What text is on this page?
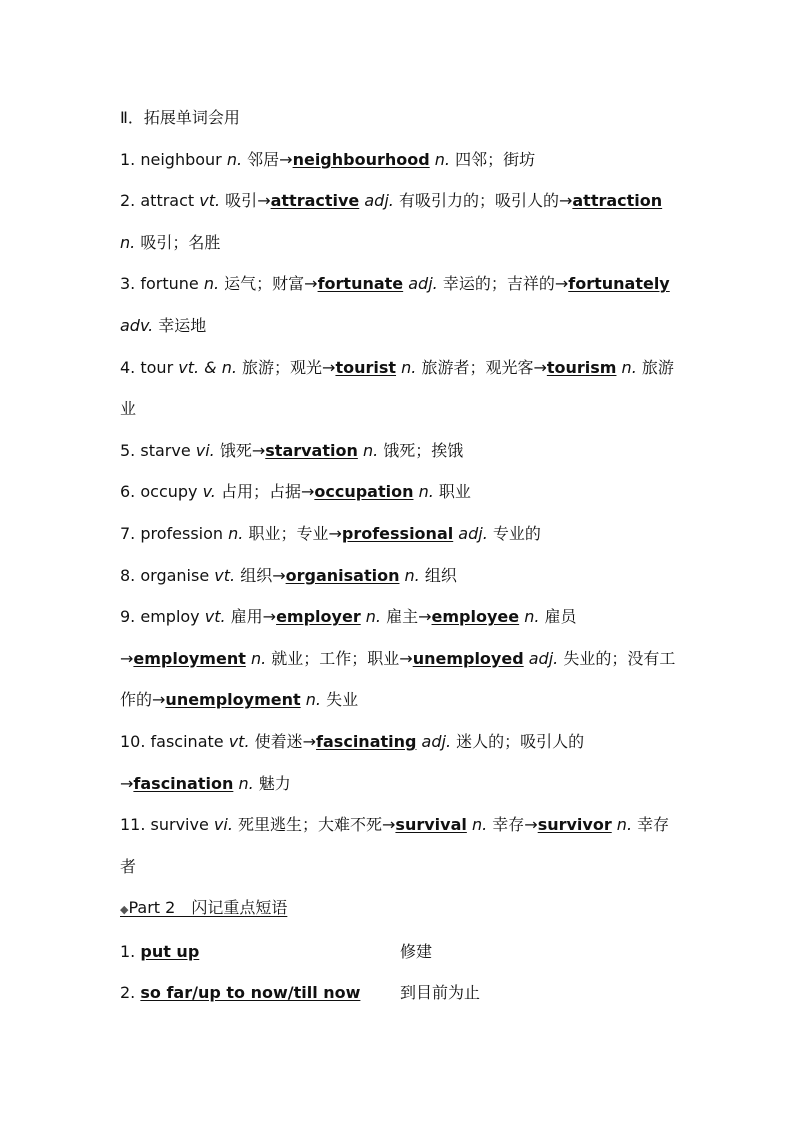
Ⅱ．拓展单词会用
1. neighbour n. 邻居→neighbourhood n. 四邻；街坊
2. attract vt. 吸引→attractive adj. 有吸引力的；吸引人的→attraction n. 吸引；名胜
3. fortune n. 运气；财富→fortunate adj. 幸运的；吉祥的→fortunately adv. 幸运地
4. tour vt. & n. 旅游；观光→tourist n. 旅游者；观光客→tourism n. 旅游业
5. starve vi. 饿死→starvation n. 饿死；挨饿
6. occupy v. 占用；占据→occupation n. 职业
7. profession n. 职业；专业→professional adj. 专业的
8. organise vt. 组织→organisation n. 组织
9. employ vt. 雇用→employer n. 雇主→employee n. 雇员→employment n. 就业；工作；职业→unemployed adj. 失业的；没有工作的→unemployment n. 失业
10. fascinate vt. 使着迷→fascinating adj. 迷人的；吸引人的→fascination n. 魅力
11. survive vi. 死里逃生；大难不死→survival n. 幸存→survivor n. 幸存者
◆Part 2　闪记重点短语
1. put up	修建
2. so far/up to now/till now	到目前为止
